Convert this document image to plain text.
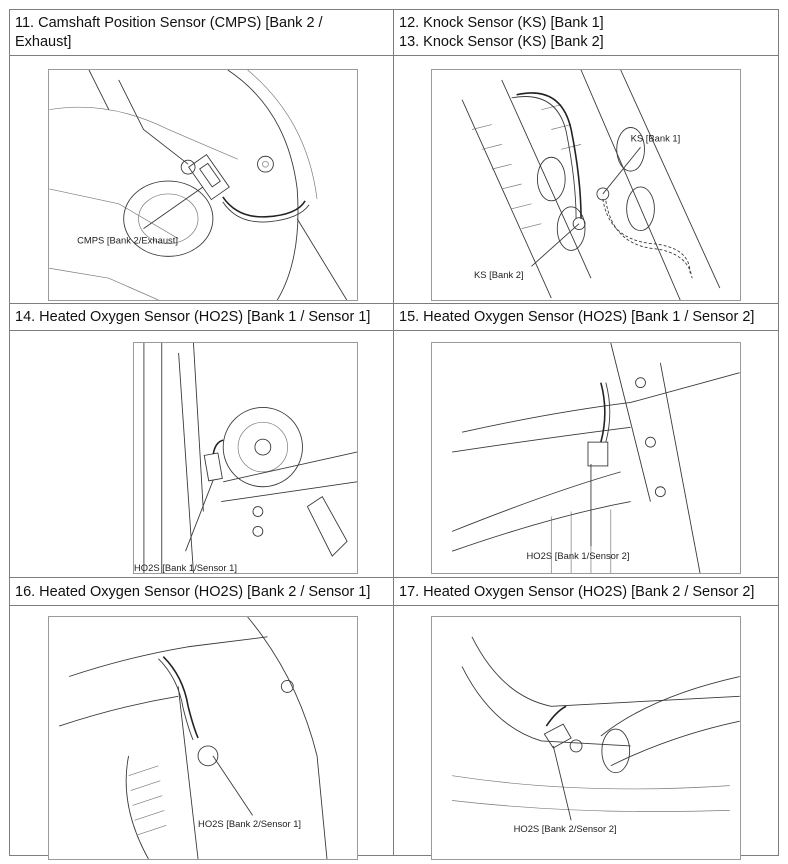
11. Camshaft Position Sensor (CMPS) [Bank 2 /
Exhaust]
12. Knock Sensor (KS) [Bank 1]
13. Knock Sensor (KS) [Bank 2]
14. Heated Oxygen Sensor (HO2S) [Bank 1 / Sensor 1] 15. Heated Oxygen Sensor (HO2S) [Bank 1 / Sensor 2]
16. Heated Oxygen Sensor (HO2S) [Bank 2 / Sensor 1] 17. Heated Oxygen Sensor (HO2S) [Bank 2 / Sensor 2]
CMPS [Bank 2/Exhaust]
KS [Bank 1]
KS [Bank 2]
HO2S [Bank 1/Sensor 1]
HO2S [Bank 1/Sensor 2]
HO2S [Bank 2/Sensor 1]	HO2S [Bank 2/Sensor 2]
